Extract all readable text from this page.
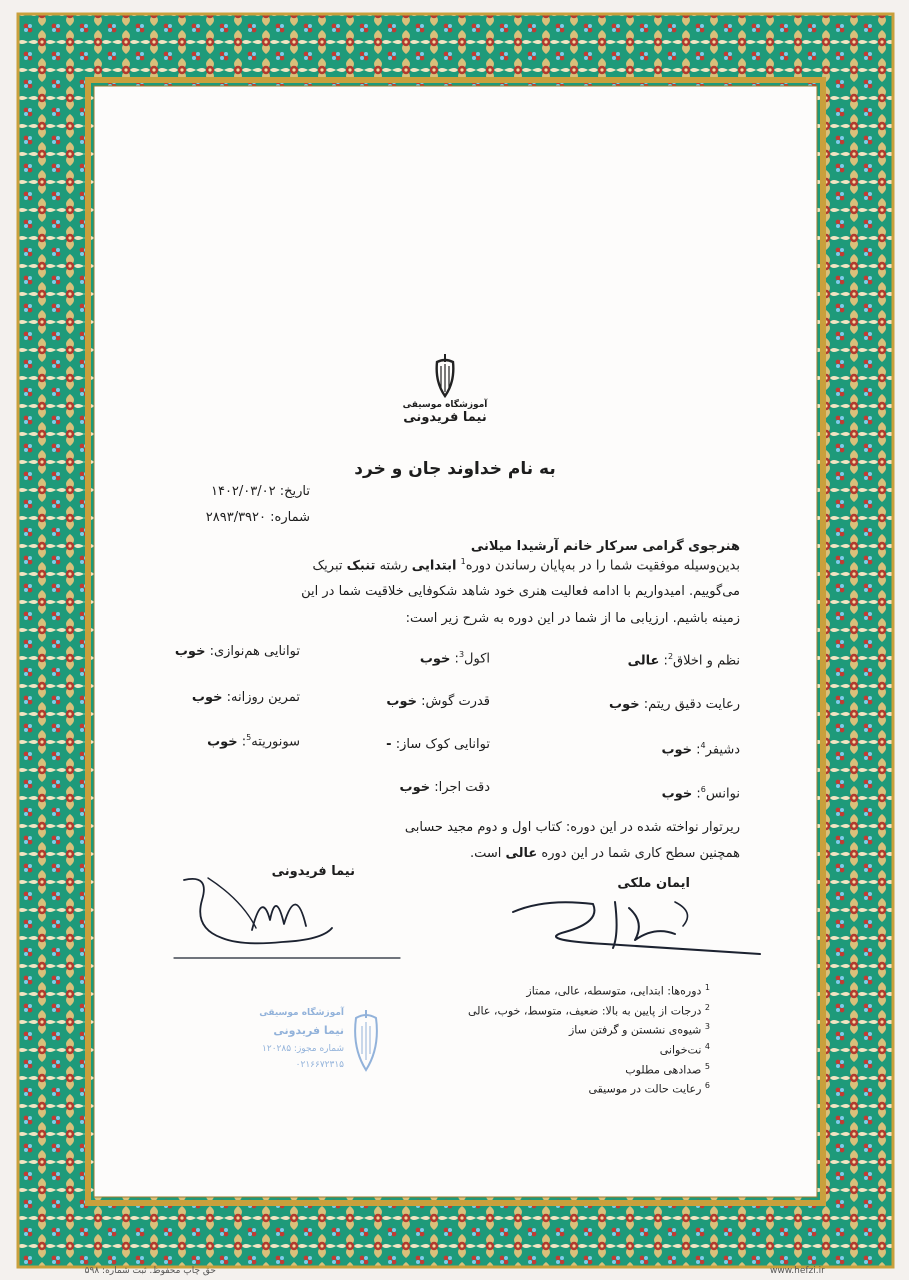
آموزشگاه موسیقی
نیما فریدونی
به نام خداوند جان و خرد
تاریخ: ۱۴۰۲/۰۳/۰۲
شماره: ۲۸۹۳/۳۹۲۰
هنرجوی گرامی سرکار خانم آرشیدا میلانی
بدین‌وسیله موفقیت شما را در به‌پایان رساندن دوره$^1$ ابتدایی رشته تنبک تبریک
می‌گوییم. امیدواریم با ادامه فعالیت هنری خود شاهد شکوفایی خلاقیت شما در این
زمینه باشیم. ارزیابی ما از شما در این دوره به شرح زیر است:
نظم و اخلاق$^2$: عالی
اکول$^3$: خوب
توانایی هم‌نوازی: خوب
رعایت دقیق ریتم: خوب
قدرت گوش: خوب
تمرین روزانه: خوب
دشیفر$^4$: خوب
توانایی کوک ساز: -
سونوریته$^5$: خوب
نوانس$^6$: خوب
دقت اجرا: خوب
ریرتوار نواخته شده در این دوره: کتاب اول و دوم مجید حسابی
همچنین سطح کاری شما در این دوره عالی است.
ایمان ملکی
نیما فریدونی
آموزشگاه موسیقی
نیما فریدونی
شماره مجوز: ۱۲۰۲۸۵
۰۲۱۶۶۷۲۳۱۵
$^1$ دوره‌ها: ابتدایی، متوسطه، عالی، ممتاز
$^2$ درجات از پایین به بالا: ضعیف، متوسط، خوب، عالی
$^3$ شیوه‌ی نشستن و گرفتن ساز
$^4$ نت‌خوانی
$^5$ صدادهی مطلوب
$^6$ رعایت حالت در موسیقی
حق چاپ محفوظ. ثبت شماره: ۵۹۸	www.hefzi.ir
